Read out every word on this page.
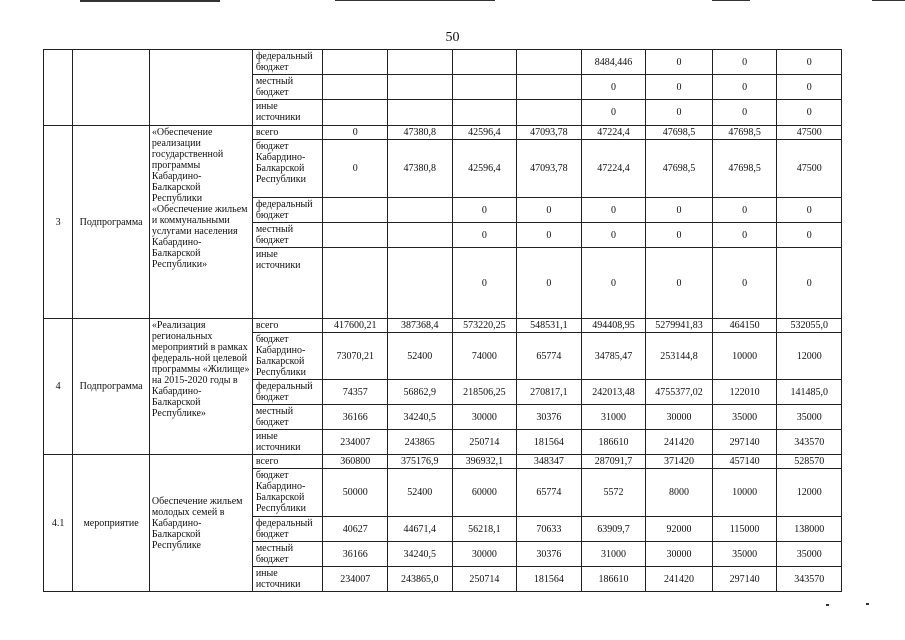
50
			федеральный бюджет					8484,446	0	0	0
			местный бюджет					0	0	0	0
			иные источники					0	0	0	0
3	Подпрограмма	«Обеспечение реализации государственной программы Кабардино-Балкарской Республики «Обеспечение жильем и коммунальными услугами населения Кабардино-Балкарской Республики»	всего	0	47380,8	42596,4	47093,78	47224,4	47698,5	47698,5	47500
			бюджет Кабардино-Балкарской Республики	0	47380,8	42596,4	47093,78	47224,4	47698,5	47698,5	47500
			федеральный бюджет			0	0	0	0	0	0
			местный бюджет			0	0	0	0	0	0
			иные источники			0	0	0	0	0	0
4	Подпрограмма	«Реализация региональных мероприятий в рамках федераль-ной целевой программы «Жилище» на 2015-2020 годы в Кабардино-Балкарской Республике»	всего	417600,21	387368,4	573220,25	548531,1	494408,95	5279941,83	464150	532055,0
			бюджет Кабардино-Балкарской Республики	73070,21	52400	74000	65774	34785,47	253144,8	10000	12000
			федеральный бюджет	74357	56862,9	218506,25	270817,1	242013,48	4755377,02	122010	141485,0
			местный бюджет	36166	34240,5	30000	30376	31000	30000	35000	35000
			иные источники	234007	243865	250714	181564	186610	241420	297140	343570
4.1	мероприятие	Обеспечение жильем молодых семей в Кабардино-Балкарской Республике	всего	360800	375176,9	396932,1	348347	287091,7	371420	457140	528570
			бюджет Кабардино-Балкарской Республики	50000	52400	60000	65774	5572	8000	10000	12000
			федеральный бюджет	40627	44671,4	56218,1	70633	63909,7	92000	115000	138000
			местный бюджет	36166	34240,5	30000	30376	31000	30000	35000	35000
			иные источники	234007	243865,0	250714	181564	186610	241420	297140	343570
